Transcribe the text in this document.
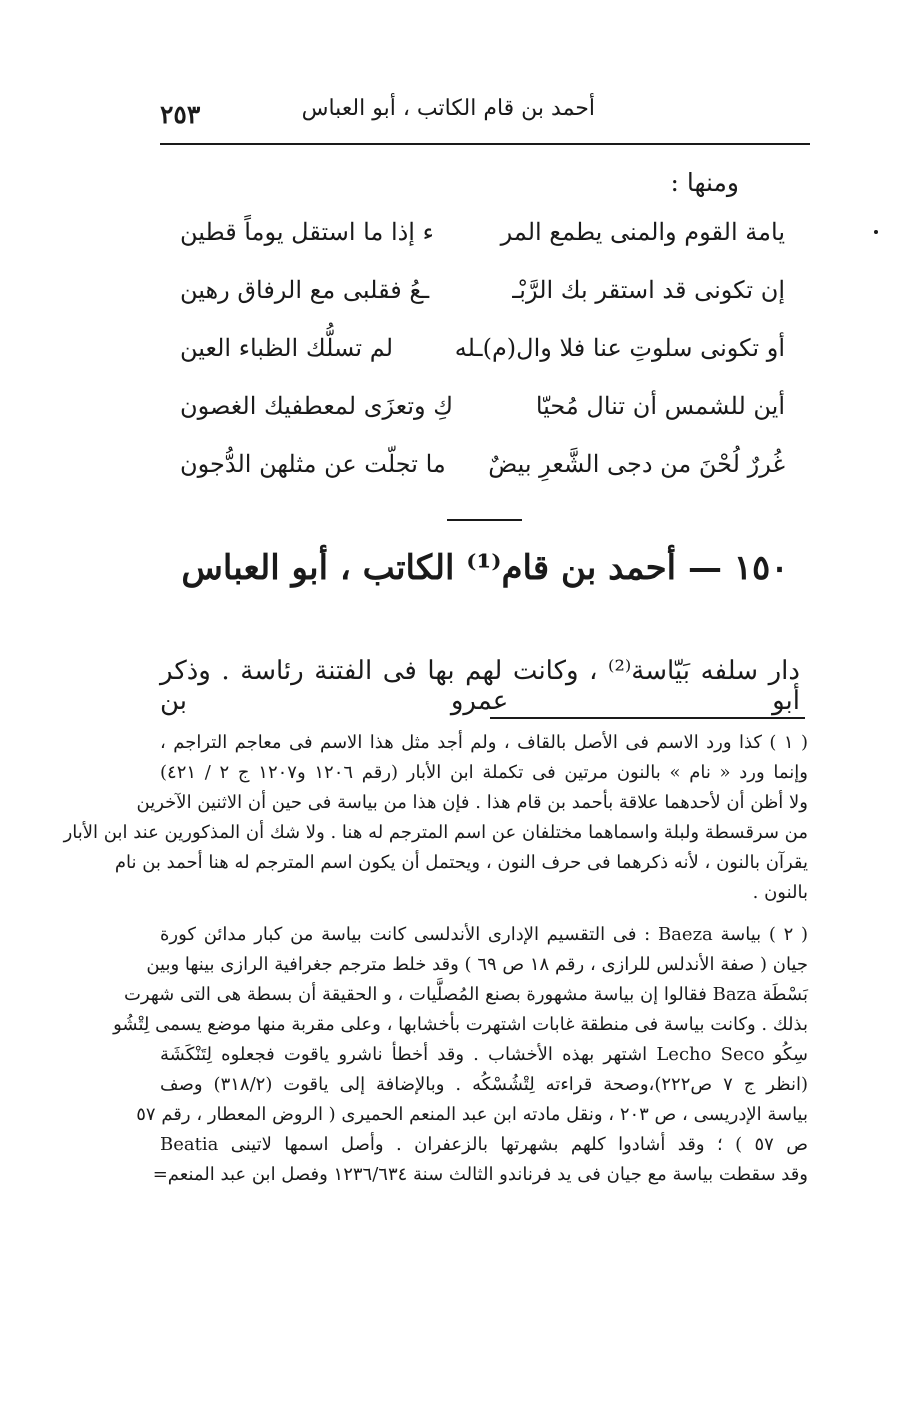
أحمد بن قام الكاتب ، أبو العباس
٢٥٣
ومنها :
يامة القوم والمنى يطمع المر
ء إذا ما استقل يوماً قطين
إن تكونى قد استقر بك الرَّبْـ
ـعُ فقلبى مع الرفاق رهين
أو تكونى سلوتِ عنا فلا وال(م)ـله
لم تسلُّك الظباء العين
أين للشمس أن تنال مُحيّا
كِ وتعزَى لمعطفيك الغصون
غُررٌ لُحْنَ من دجى الشَّعرِ بيضٌ
ما تجلّت عن مثلهن الدُّجون
١٥٠ — أحمد بن قام⁽¹⁾ الكاتب ، أبو العباس
دار سلفه بَيّاسة⁽²⁾ ، وكانت لهم بها فى الفتنة رئاسة . وذكر أبو عمرو بن
( ١ ) كذا ورد الاسم فى الأصل بالقاف ، ولم أجد مثل هذا الاسم فى معاجم التراجم ،
وإنما ورد « نام » بالنون مرتين فى تكملة ابن الأبار (رقم ١٢٠٦ و١٢٠٧ ج ٢ / ٤٢١)
ولا أظن أن لأحدهما علاقة بأحمد بن قام هذا . فإن هذا من بياسة فى حين أن الاثنين الآخرين
من سرقسطة ولبلة واسماهما مختلفان عن اسم المترجم له هنا . ولا شك أن المذكورين عند ابن الأبار
يقرآن بالنون ، لأنه ذكرهما فى حرف النون ، ويحتمل أن يكون اسم المترجم له هنا أحمد بن نام
بالنون .
( ٢ ) بياسة Baeza : فى التقسيم الإدارى الأندلسى كانت بياسة من كبار مدائن كورة
جيان ( صفة الأندلس للرازى ، رقم ١٨ ص ٦٩ ) وقد خلط مترجم جغرافية الرازى بينها وبين
بَسْطَة Baza فقالوا إن بياسة مشهورة بصنع المُصلَّيات ، و الحقيقة أن بسطة هى التى شهرت
بذلك . وكانت بياسة فى منطقة غابات اشتهرت بأخشابها ، وعلى مقربة منها موضع يسمى لِتْشُو
سِكُو Lecho Seco اشتهر بهذه الأخشاب . وقد أخطأ ناشرو ياقوت فجعلوه لِتَنْكَشَة
(انظر ج ٧ ص٢٢٢)،وصحة قراءته لِتْشُسْكُه . وبالإضافة إلى ياقوت (٣١٨/٢) وصف
بياسة الإدريسى ، ص ٢٠٣ ، ونقل مادته ابن عبد المنعم الحميرى ( الروض المعطار ، رقم ٥٧
ص ٥٧ ) ؛ وقد أشادوا كلهم بشهرتها بالزعفران . وأصل اسمها لاتينى Beatia
وقد سقطت بياسة مع جيان فى يد فرناندو الثالث سنة ١٢٣٦/٦٣٤ وفصل ابن عبد المنعم=
